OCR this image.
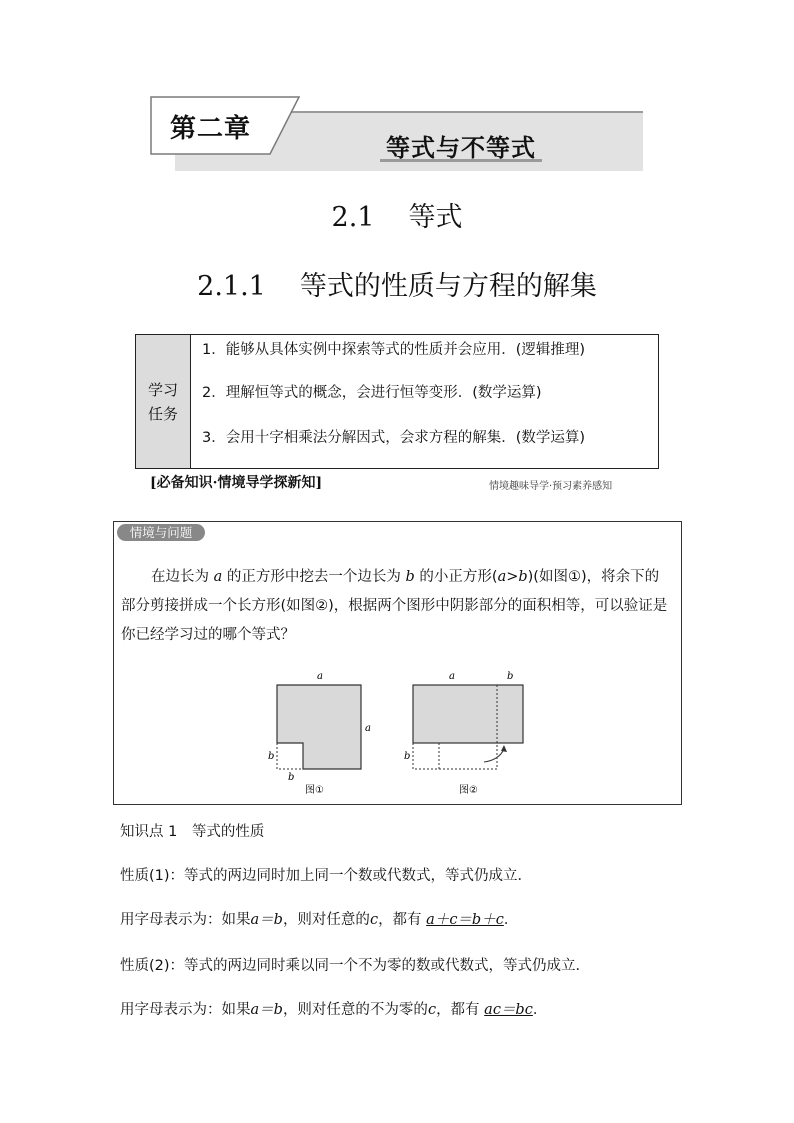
第二章
等式与不等式
2.1 等式
2.1.1 等式的性质与方程的解集
学习
任务
1．能够从具体实例中探索等式的性质并会应用．(逻辑推理)
2．理解恒等式的概念，会进行恒等变形．(数学运算)
3．会用十字相乘法分解因式，会求方程的解集．(数学运算)
[必备知识·情境导学探新知]	情境趣味导学·预习素养感知
情境与问题
在边长为 a 的正方形中挖去一个边长为 b 的小正方形(a>b)(如图①)，将余下的部分剪接拼成一个长方形(如图②)，根据两个图形中阴影部分的面积相等，可以验证是你已经学习过的哪个等式？
a
a
b
b
图①
a	b
b
图②
知识点 1　等式的性质
性质(1)：等式的两边同时加上同一个数或代数式，等式仍成立．
用字母表示为：如果a＝b，则对任意的c，都有 a＋c＝b＋c．
性质(2)：等式的两边同时乘以同一个不为零的数或代数式，等式仍成立．
用字母表示为：如果a＝b，则对任意的不为零的c，都有 ac＝bc．
